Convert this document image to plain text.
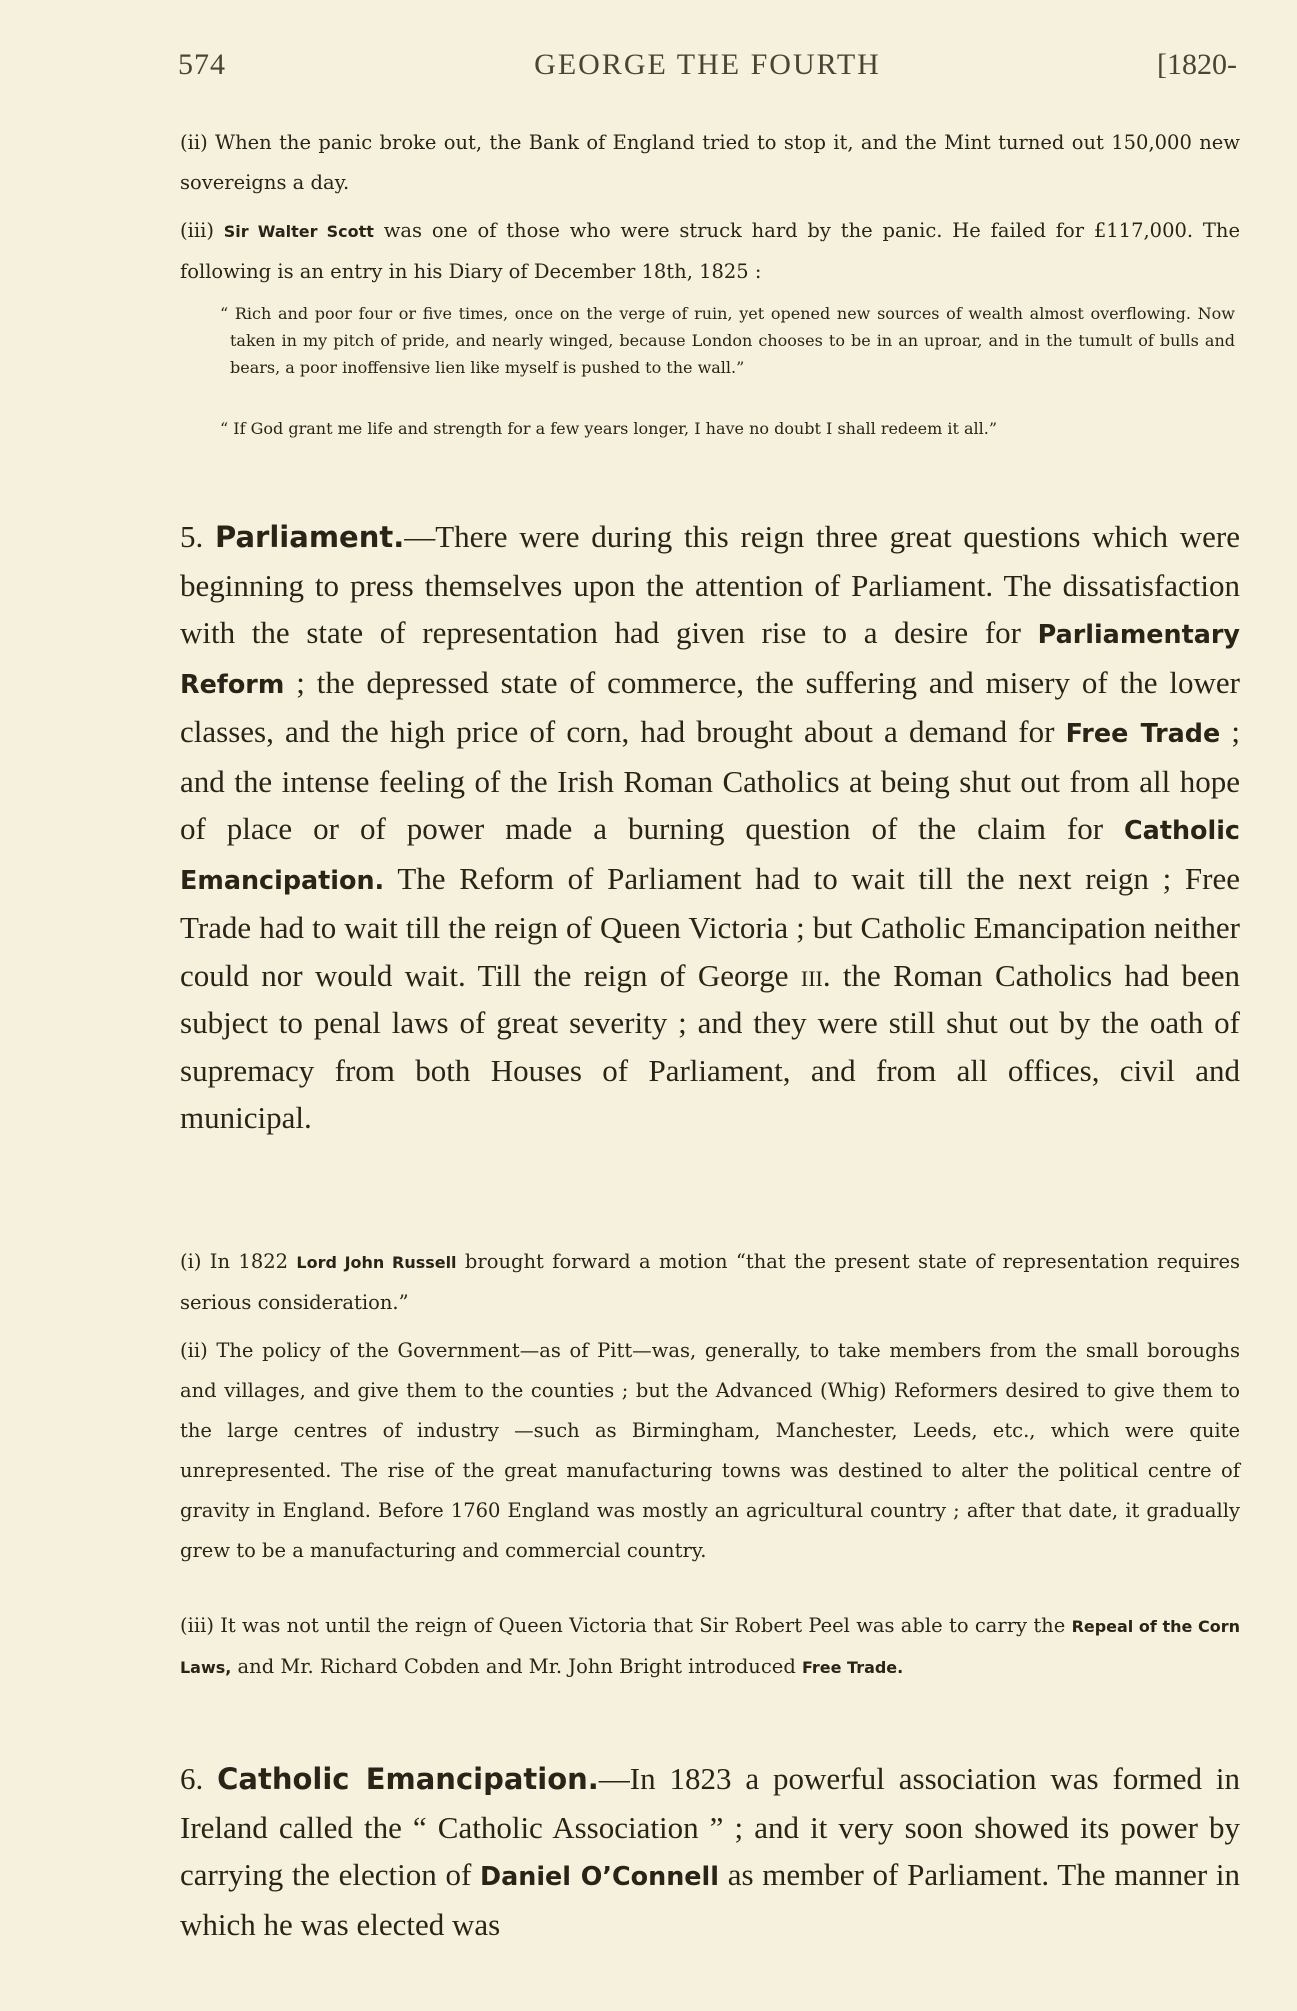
574	GEORGE THE FOURTH	[1820-

(ii) When the panic broke out, the Bank of England tried to stop it, and the Mint turned out 150,000 new sovereigns a day.

(iii) Sir Walter Scott was one of those who were struck hard by the panic. He failed for £117,000. The following is an entry in his Diary of December 18th, 1825 :

“ Rich and poor four or five times, once on the verge of ruin, yet opened new sources of wealth almost overflowing. Now taken in my pitch of pride, and nearly winged, because London chooses to be in an uproar, and in the tumult of bulls and bears, a poor inoffensive lien like myself is pushed to the wall.”

“ If God grant me life and strength for a few years longer, I have no doubt I shall redeem it all.”

5. Parliament.—There were during this reign three great questions which were beginning to press themselves upon the attention of Parliament. The dissatisfaction with the state of representation had given rise to a desire for Parliamentary Reform ; the depressed state of commerce, the suffering and misery of the lower classes, and the high price of corn, had brought about a demand for Free Trade ; and the intense feeling of the Irish Roman Catholics at being shut out from all hope of place or of power made a burning question of the claim for Catholic Emancipation. The Reform of Parliament had to wait till the next reign ; Free Trade had to wait till the reign of Queen Victoria ; but Catholic Emancipation neither could nor would wait. Till the reign of George iii. the Roman Catholics had been subject to penal laws of great severity ; and they were still shut out by the oath of supremacy from both Houses of Parliament, and from all offices, civil and municipal.

(i) In 1822 Lord John Russell brought forward a motion “that the present state of representation requires serious consideration.”

(ii) The policy of the Government—as of Pitt—was, generally, to take members from the small boroughs and villages, and give them to the counties ; but the Advanced (Whig) Reformers desired to give them to the large centres of industry —such as Birmingham, Manchester, Leeds, etc., which were quite unrepresented. The rise of the great manufacturing towns was destined to alter the political centre of gravity in England. Before 1760 England was mostly an agricultural country ; after that date, it gradually grew to be a manufacturing and commercial country.

(iii) It was not until the reign of Queen Victoria that Sir Robert Peel was able to carry the Repeal of the Corn Laws, and Mr. Richard Cobden and Mr. John Bright introduced Free Trade.

6. Catholic Emancipation.—In 1823 a powerful association was formed in Ireland called the “ Catholic Association ” ; and it very soon showed its power by carrying the election of Daniel O’Connell as member of Parliament. The manner in which he was elected was
